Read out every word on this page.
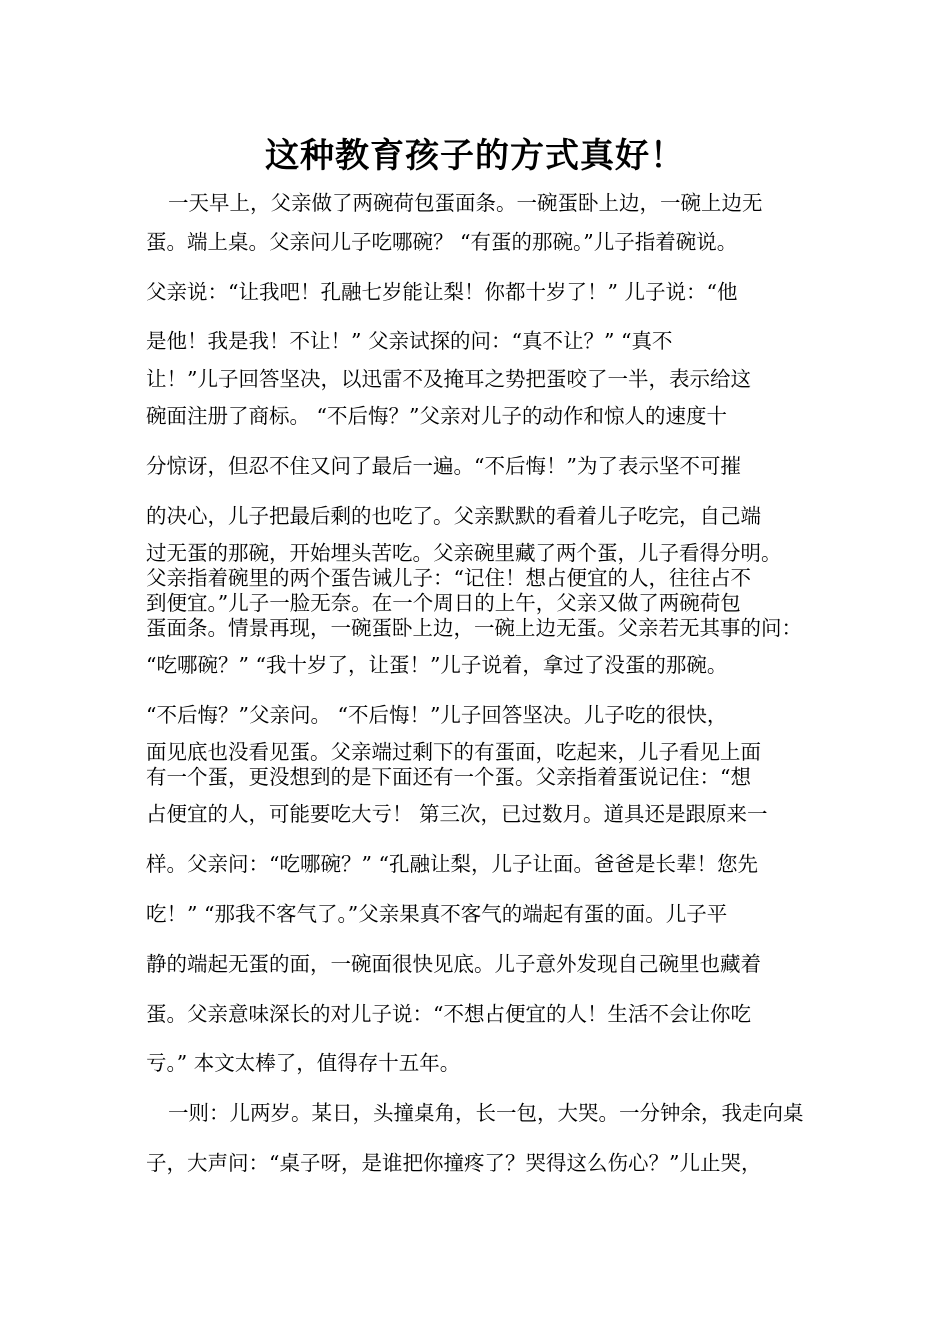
这种教育孩子的方式真好！
一天早上，父亲做了两碗荷包蛋面条。一碗蛋卧上边，一碗上边无
蛋。端上桌。父亲问儿子吃哪碗？ “有蛋的那碗。”儿子指着碗说。
父亲说：“让我吧！孔融七岁能让梨！你都十岁了！” 儿子说：“他
是他！我是我！不让！” 父亲试探的问：“真不让？” “真不
让！”儿子回答坚决，以迅雷不及掩耳之势把蛋咬了一半，表示给这
碗面注册了商标。 “不后悔？”父亲对儿子的动作和惊人的速度十
分惊讶，但忍不住又问了最后一遍。“不后悔！”为了表示坚不可摧
的决心，儿子把最后剩的也吃了。父亲默默的看着儿子吃完，自己端
过无蛋的那碗，开始埋头苦吃。父亲碗里藏了两个蛋，儿子看得分明。
父亲指着碗里的两个蛋告诫儿子：“记住！想占便宜的人，往往占不
到便宜。”儿子一脸无奈。在一个周日的上午，父亲又做了两碗荷包
蛋面条。情景再现，一碗蛋卧上边，一碗上边无蛋。父亲若无其事的问：
“吃哪碗？” “我十岁了，让蛋！”儿子说着，拿过了没蛋的那碗。
“不后悔？”父亲问。 “不后悔！”儿子回答坚决。儿子吃的很快，
面见底也没看见蛋。父亲端过剩下的有蛋面，吃起来，儿子看见上面
有一个蛋，更没想到的是下面还有一个蛋。父亲指着蛋说记住：“想
占便宜的人，可能要吃大亏！ 第三次，已过数月。道具还是跟原来一
样。父亲问：“吃哪碗？” “孔融让梨，儿子让面。爸爸是长辈！您先
吃！” “那我不客气了。”父亲果真不客气的端起有蛋的面。儿子平
静的端起无蛋的面，一碗面很快见底。儿子意外发现自己碗里也藏着
蛋。父亲意味深长的对儿子说：“不想占便宜的人！生活不会让你吃
亏。” 本文太棒了，值得存十五年。
一则：儿两岁。某日，头撞桌角，长一包，大哭。一分钟余，我走向桌
子，大声问：“桌子呀，是谁把你撞疼了？哭得这么伤心？”儿止哭，
